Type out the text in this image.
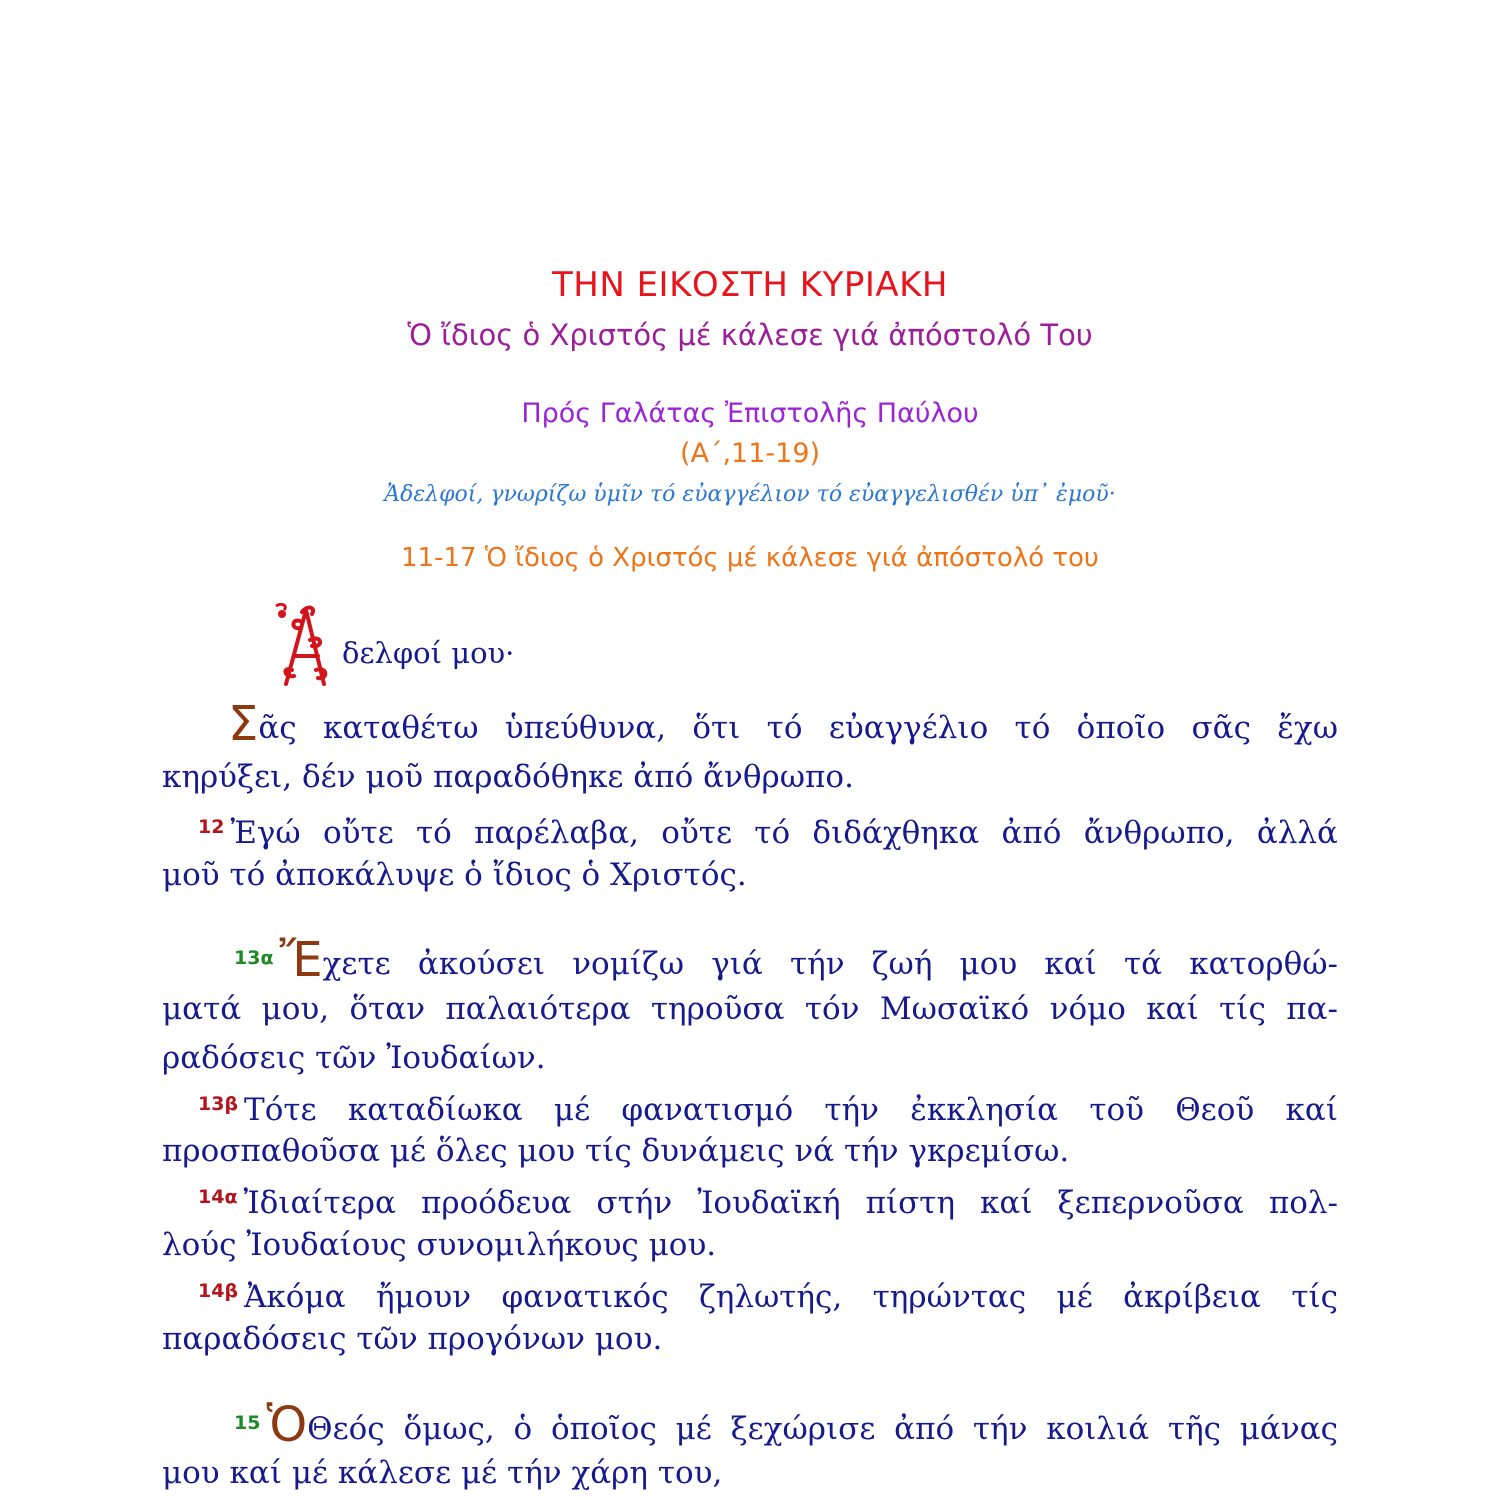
ΤΗΝ ΕΙΚΟΣΤΗ ΚΥΡΙΑΚΗ
Ὁ ἴδιος ὁ Χριστός μέ κάλεσε γιά ἀπόστολό Του
Πρός Γαλάτας Ἐπιστολῆς Παύλου
(Α΄,11-19)
Ἀδελφοί, γνωρίζω ὑμῖν τό εὐαγγέλιον τό εὐαγγελισθέν ὑπ᾽ ἐμοῦ·
11-17 Ὁ ἴδιος ὁ Χριστός μέ κάλεσε γιά ἀπόστολό του
δελφοί μου·
Σᾶς καταθέτω ὑπεύθυνα, ὅτι τό εὐαγγέλιο τό ὁποῖο σᾶς ἔχω
κηρύξει, δέν μοῦ παραδόθηκε ἀπό ἄνθρωπο.
$^{12}$ Ἐγώ οὔτε τό παρέλαβα, οὔτε τό διδάχθηκα ἀπό ἄνθρωπο, ἀλλά
μοῦ τό ἀποκάλυψε ὁ ἴδιος ὁ Χριστός.
$^{13\alpha}$ Ἔχετε ἀκούσει νομίζω γιά τήν ζωή μου καί τά κατορθώ-
ματά μου, ὅταν παλαιότερα τηροῦσα τόν Μωσαϊκό νόμο καί τίς πα-
ραδόσεις τῶν Ἰουδαίων.
$^{13\beta}$ Τότε καταδίωκα μέ φανατισμό τήν ἐκκλησία τοῦ Θεοῦ καί
προσπαθοῦσα μέ ὅλες μου τίς δυνάμεις νά τήν γκρεμίσω.
$^{14\alpha}$ Ἰδιαίτερα προόδευα στήν Ἰουδαϊκή πίστη καί ξεπερνοῦσα πολ-
λούς Ἰουδαίους συνομιλήκους μου.
$^{14\beta}$ Ἀκόμα ἤμουν φανατικός ζηλωτής, τηρώντας μέ ἀκρίβεια τίς
παραδόσεις τῶν προγόνων μου.
$^{15}$ ὉΘεός ὅμως, ὁ ὁποῖος μέ ξεχώρισε ἀπό τήν κοιλιά τῆς μάνας
μου καί μέ κάλεσε μέ τήν χάρη του,
